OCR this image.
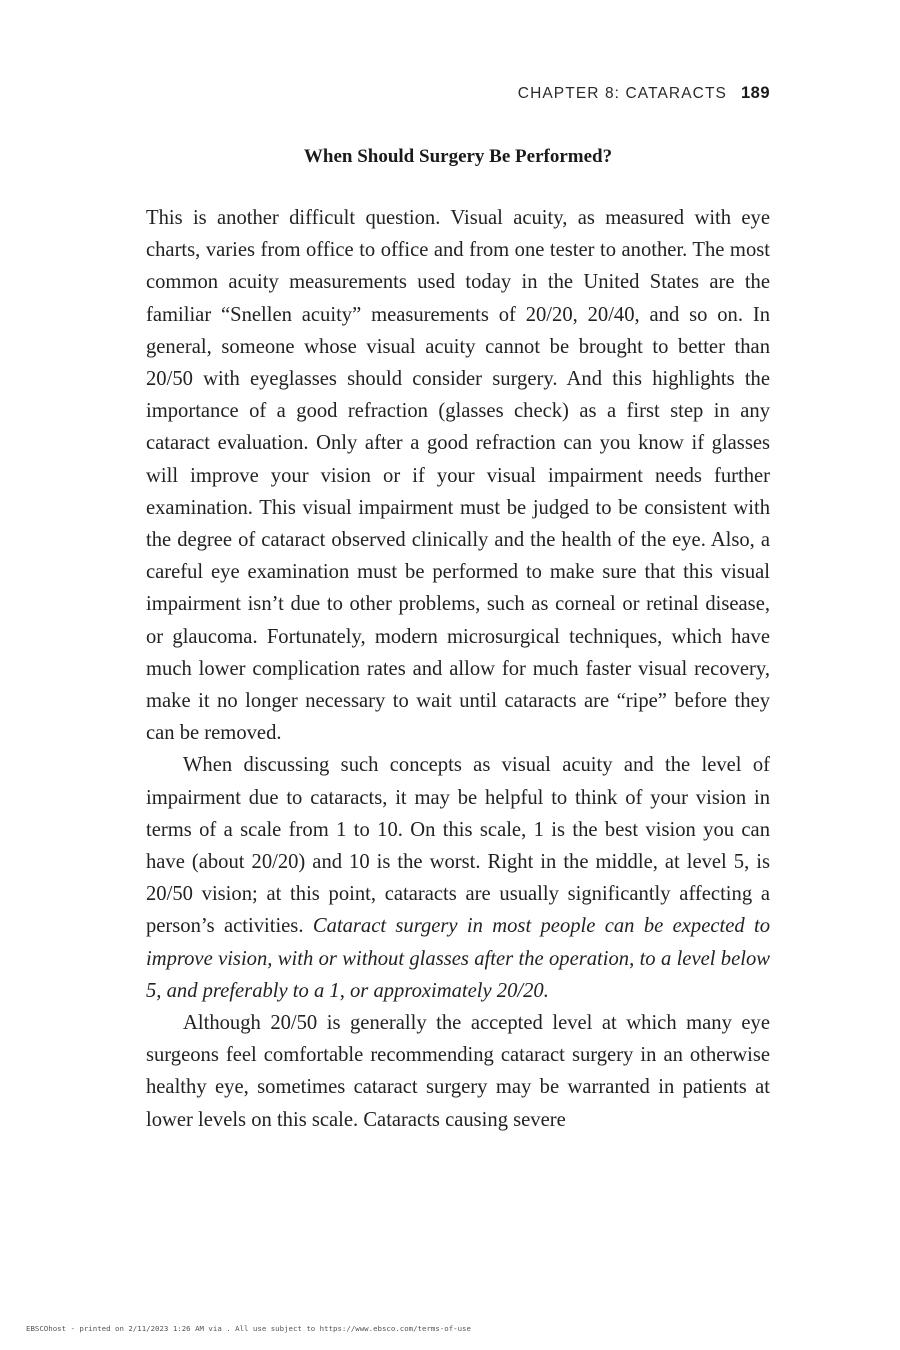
CHAPTER 8: CATARACTS 189
When Should Surgery Be Performed?

This is another difficult question. Visual acuity, as measured with eye charts, varies from office to office and from one tester to another. The most common acuity measurements used today in the United States are the familiar “Snellen acuity” measurements of 20/20, 20/40, and so on. In general, someone whose visual acuity cannot be brought to better than 20/50 with eyeglasses should consider surgery. And this highlights the importance of a good refraction (glasses check) as a first step in any cataract evaluation. Only after a good refraction can you know if glasses will improve your vision or if your visual impairment needs further examination. This visual impairment must be judged to be consistent with the degree of cataract observed clinically and the health of the eye. Also, a careful eye examination must be performed to make sure that this visual impairment isn’t due to other problems, such as corneal or retinal disease, or glaucoma. Fortunately, modern microsurgical techniques, which have much lower complication rates and allow for much faster visual recovery, make it no longer necessary to wait until cataracts are “ripe” before they can be removed.

When discussing such concepts as visual acuity and the level of impairment due to cataracts, it may be helpful to think of your vision in terms of a scale from 1 to 10. On this scale, 1 is the best vision you can have (about 20/20) and 10 is the worst. Right in the middle, at level 5, is 20/50 vision; at this point, cataracts are usually significantly affecting a person’s activities. Cataract surgery in most people can be expected to improve vision, with or without glasses after the operation, to a level below 5, and preferably to a 1, or approximately 20/20.

Although 20/50 is generally the accepted level at which many eye surgeons feel comfortable recommending cataract surgery in an otherwise healthy eye, sometimes cataract surgery may be warranted in patients at lower levels on this scale. Cataracts causing severe

EBSCOhost - printed on 2/11/2023 1:26 AM via . All use subject to https://www.ebsco.com/terms-of-use
